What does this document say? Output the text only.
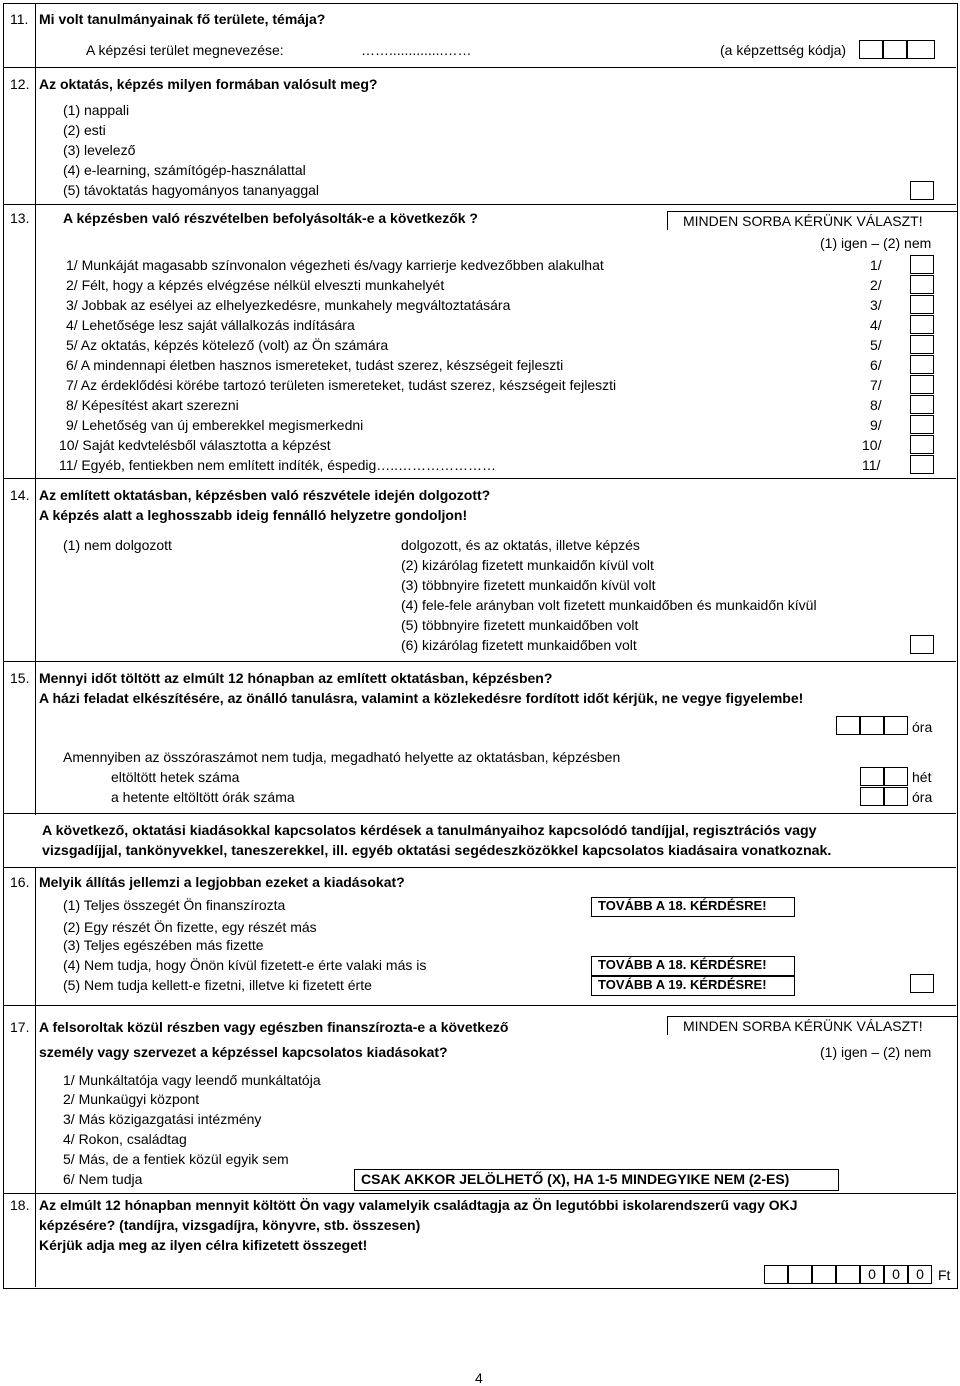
11. Mi volt tanulmányainak fő területe, témája?
A képzési terület megnevezése:	……..............……	(a képzettség kódja)
12. Az oktatás, képzés milyen formában valósult meg?
(1) nappali
(2) esti
(3) levelező
(4) e-learning, számítógép-használattal
(5) távoktatás hagyományos tananyaggal
13. A képzésben való részvételben befolyásolták-e a következők ?	MINDEN SORBA KÉRÜNK VÁLASZT!
(1) igen – (2) nem
1/ Munkáját magasabb színvonalon végezheti és/vagy karrierje kedvezőbben alakulhat	1/
2/ Félt, hogy a képzés elvégzése nélkül elveszti munkahelyét	2/
3/ Jobbak az esélyei az elhelyezkedésre, munkahely megváltoztatására	3/
4/ Lehetősége lesz saját vállalkozás indítására	4/
5/ Az oktatás, képzés kötelező (volt) az Ön számára	5/
6/ A mindennapi életben hasznos ismereteket, tudást szerez, készségeit fejleszti	6/
7/ Az érdeklődési körébe tartozó területen ismereteket, tudást szerez, készségeit fejleszti	7/
8/ Képesítést akart szerezni	8/
9/ Lehetőség van új emberekkel megismerkedni	9/
10/ Saját kedvtelésből választotta a képzést	10/
11/ Egyéb, fentiekben nem említett indíték, éspedig…..…………………	11/
14. Az említett oktatásban, képzésben való részvétele idején dolgozott?
A képzés alatt a leghosszabb ideig fennálló helyzetre gondoljon!
(1) nem dolgozott	dolgozott, és az oktatás, illetve képzés
(2) kizárólag fizetett munkaidőn kívül volt
(3) többnyire fizetett munkaidőn kívül volt
(4) fele-fele arányban volt fizetett munkaidőben és munkaidőn kívül
(5) többnyire fizetett munkaidőben volt
(6) kizárólag fizetett munkaidőben volt
15. Mennyi időt töltött az elmúlt 12 hónapban az említett oktatásban, képzésben?
A házi feladat elkészítésére, az önálló tanulásra, valamint a közlekedésre fordított időt kérjük, ne vegye figyelembe!
óra
Amennyiben az összóraszámot nem tudja, megadható helyette az oktatásban, képzésben
eltöltött hetek száma	hét
a hetente eltöltött órák száma	óra
A következő, oktatási kiadásokkal kapcsolatos kérdések a tanulmányaihoz kapcsolódó tandíjjal, regisztrációs vagy
vizsgadíjjal, tankönyvekkel, taneszerekkel, ill. egyéb oktatási segédeszközökkel kapcsolatos kiadásaira vonatkoznak.
16. Melyik állítás jellemzi a legjobban ezeket a kiadásokat?
(1) Teljes összegét Ön finanszírozta	TOVÁBB A 18. KÉRDÉSRE!
(2) Egy részét Ön fizette, egy részét más
(3) Teljes egészében más fizette
(4) Nem tudja, hogy Önön kívül fizetett-e érte valaki más is	TOVÁBB A 18. KÉRDÉSRE!
(5) Nem tudja kellett-e fizetni, illetve ki fizetett érte	TOVÁBB A 19. KÉRDÉSRE!
17. A felsoroltak közül részben vagy egészben finanszírozta-e a következő	MINDEN SORBA KÉRÜNK VÁLASZT!
személy vagy szervezet a képzéssel kapcsolatos kiadásokat?	(1) igen – (2) nem
1/ Munkáltatója vagy leendő munkáltatója
2/ Munkaügyi központ
3/ Más közigazgatási intézmény
4/ Rokon, családtag
5/ Más, de a fentiek közül egyik sem
6/ Nem tudja	CSAK AKKOR JELÖLHETŐ (X), HA 1-5 MINDEGYIKE NEM (2-ES)
18. Az elmúlt 12 hónapban mennyit költött Ön vagy valamelyik családtagja az Ön legutóbbi iskolarendszerű vagy OKJ
képzésére? (tandíjra, vizsgadíjra, könyvre, stb. összesen)
Kérjük adja meg az ilyen célra kifizetett összeget!
0	0	0	Ft
4
